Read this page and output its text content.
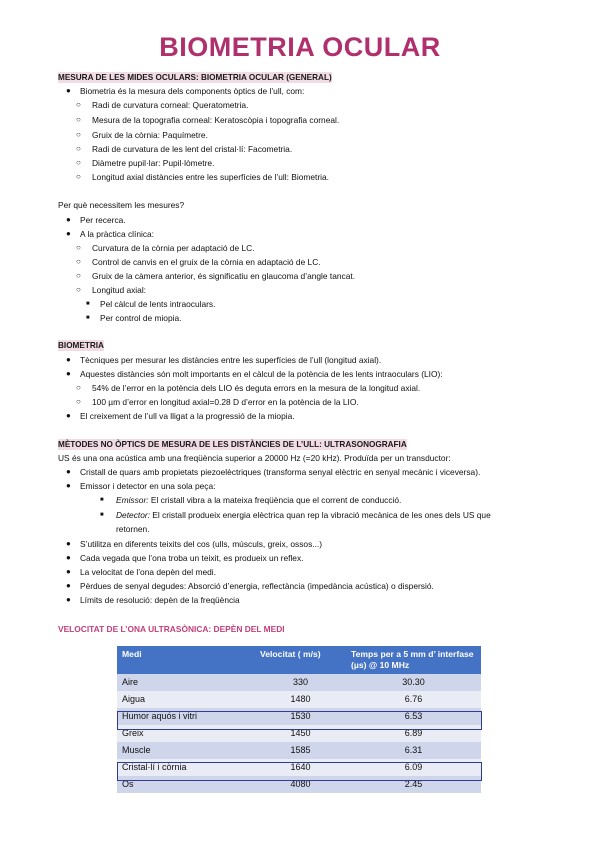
BIOMETRIA OCULAR
MESURA DE LES MIDES OCULARS: BIOMETRIA OCULAR (GENERAL)
● Biometria és la mesura dels components òptics de l’ull, com:
○ Radi de curvatura corneal: Queratometria.
○ Mesura de la topografia corneal: Keratoscòpia i topografia corneal.
○ Gruix de la còrnia: Paquímetre.
○ Radi de curvatura de les lent del cristal·lí: Facometria.
○ Diàmetre pupil·lar: Pupil·lòmetre.
○ Longitud axial distàncies entre les superfícies de l’ull: Biometria.
Per què necessitem les mesures?
● Per recerca.
● A la pràctica clínica:
○ Curvatura de la còrnia per adaptació de LC.
○ Control de canvis en el gruix de la còrnia en adaptació de LC.
○ Gruix de la càmera anterior, és significatiu en glaucoma d’angle tancat.
○ Longitud axial:
■ Pel càlcul de lents intraoculars.
■ Per control de miopia.
BIOMETRIA
● Tècniques per mesurar les distàncies entre les superfícies de l’ull (longitud axial).
● Aquestes distàncies són molt importants en el càlcul de la potència de les lents intraoculars (LIO):
○ 54% de l’error en la potència dels LIO és deguta errors en la mesura de la longitud axial.
○ 100 µm d’error en longitud axial=0.28 D d’error en la potència de la LIO.
● El creixement de l’ull va lligat a la progressió de la miopia.
MÈTODES NO ÒPTICS DE MESURA DE LES DISTÀNCIES DE L’ULL: ULTRASONOGRAFIA
US és una ona acústica amb una freqüència superior a 20000 Hz (=20 kHz). Produïda per un transductor:
● Cristall de quars amb propietats piezoelèctriques (transforma senyal elèctric en senyal mecànic i viceversa).
● Emissor i detector en una sola peça:
■ Emissor: El cristall vibra a la mateixa freqüència que el corrent de conducció.
■ Detector: El cristall produeix energia elèctrica quan rep la vibració mecànica de les ones dels US que
retornen.
● S’utilitza en diferents teixits del cos (ulls, músculs, greix, ossos...)
● Cada vegada que l’ona troba un teixit, es produeix un reflex.
● La velocitat de l’ona depèn del medi.
● Pèrdues de senyal degudes: Absorció d’energia, reflectància (impedància acústica) o dispersió.
● Límits de resolució: depèn de la freqüència
VELOCITAT DE L’ONA ULTRASÒNICA: DEPÈN DEL MEDI
Medi	Velocitat ( m/s)	Temps per a 5 mm d’ interfase (µs) @ 10 MHz
Aire	330	30.30
Aigua	1480	6.76
Humor aquós i vitri	1530	6.53
Greix	1450	6.89
Muscle	1585	6.31
Cristal·lí i còrnia	1640	6.09
Os	4080	2.45
